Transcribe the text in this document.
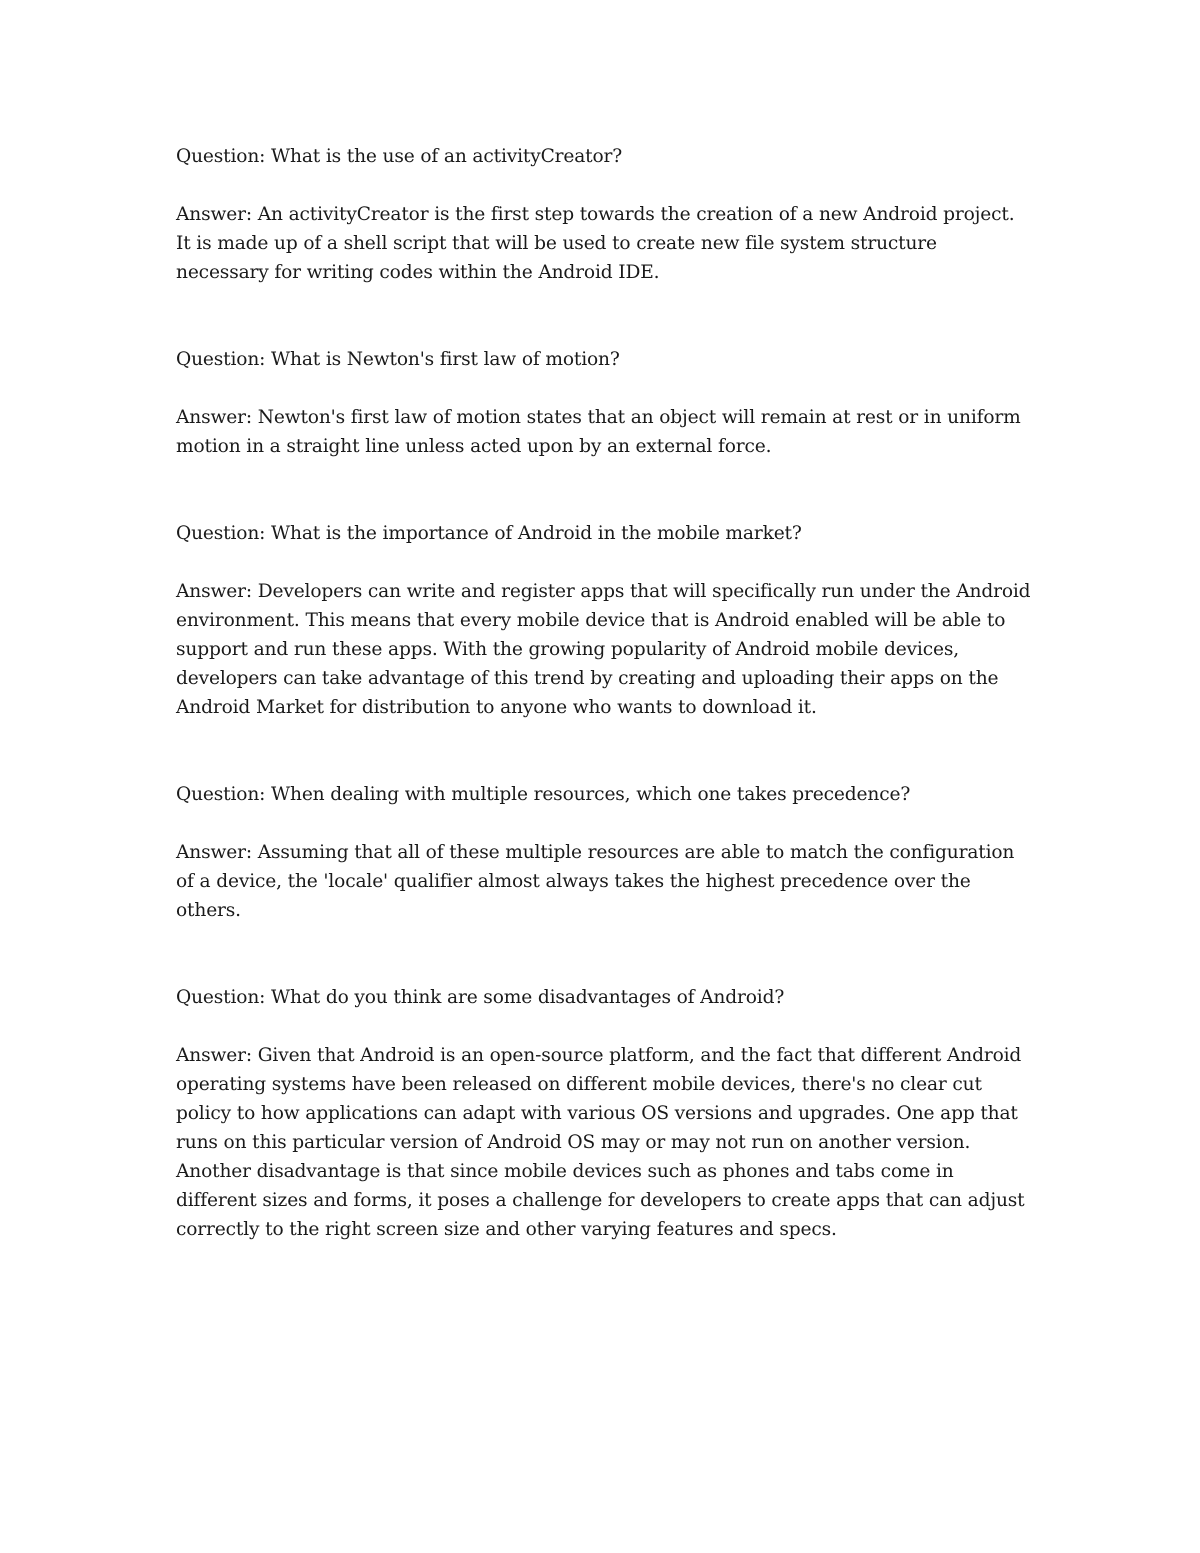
Question: What is the use of an activityCreator?

Answer: An activityCreator is the first step towards the creation of a new Android project. It is made up of a shell script that will be used to create new file system structure necessary for writing codes within the Android IDE.

Question: What is Newton's first law of motion?

Answer: Newton's first law of motion states that an object will remain at rest or in uniform motion in a straight line unless acted upon by an external force.

Question: What is the importance of Android in the mobile market?

Answer: Developers can write and register apps that will specifically run under the Android environment. This means that every mobile device that is Android enabled will be able to support and run these apps. With the growing popularity of Android mobile devices, developers can take advantage of this trend by creating and uploading their apps on the Android Market for distribution to anyone who wants to download it.

Question: When dealing with multiple resources, which one takes precedence?

Answer: Assuming that all of these multiple resources are able to match the configuration of a device, the 'locale' qualifier almost always takes the highest precedence over the others.

Question: What do you think are some disadvantages of Android?

Answer: Given that Android is an open-source platform, and the fact that different Android operating systems have been released on different mobile devices, there's no clear cut policy to how applications can adapt with various OS versions and upgrades. One app that runs on this particular version of Android OS may or may not run on another version. Another disadvantage is that since mobile devices such as phones and tabs come in different sizes and forms, it poses a challenge for developers to create apps that can adjust correctly to the right screen size and other varying features and specs.
